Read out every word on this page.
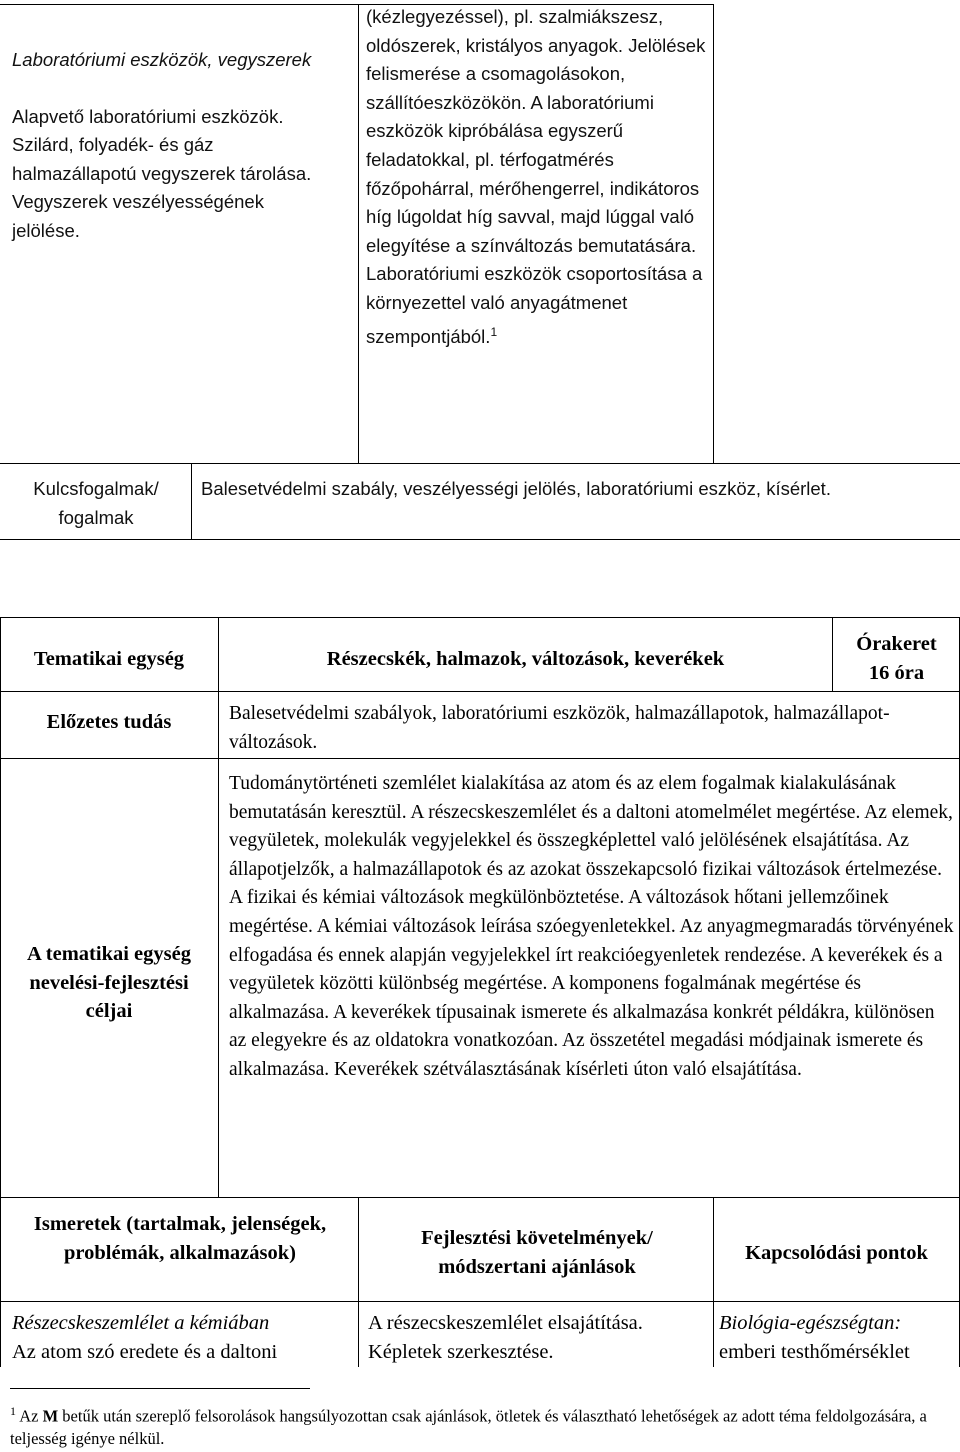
Laboratóriumi eszközök, vegyszerek
Alapvető laboratóriumi eszközök.
Szilárd, folyadék- és gáz halmazállapotú vegyszerek tárolása. Vegyszerek veszélyességének jelölése.
(kézlegyezéssel), pl. szalmiákszesz, oldószerek, kristályos anyagok. Jelölések felismerése a csomagolásokon, szállítóeszközökön. A laboratóriumi eszközök kipróbálása egyszerű feladatokkal, pl. térfogatmérés főzőpohárral, mérőhengerrel, indikátoros híg lúgoldat híg savval, majd lúggal való elegyítése a színváltozás bemutatására. Laboratóriumi eszközök csoportosítása a környezettel való anyagátmenet szempontjából.$^1$
Kulcsfogalmak/ fogalmak
Balesetvédelmi szabály, veszélyességi jelölés, laboratóriumi eszköz, kísérlet.
Tematikai egység	Részecskék, halmazok, változások, keverékek
Órakeret
16 óra
Előzetes tudás	Balesetvédelmi szabályok, laboratóriumi eszközök, halmazállapotok, halmazállapot-változások.
A tematikai egység nevelési-fejlesztési céljai
Tudománytörténeti szemlélet kialakítása az atom és az elem fogalmak kialakulásának bemutatásán keresztül. A részecskeszemlélet és a daltoni atomelmélet megértése. Az elemek, vegyületek, molekulák vegyjelekkel és összegképlettel való jelölésének elsajátítása. Az állapotjelzők, a halmazállapotok és az azokat összekapcsoló fizikai változások értelmezése. A fizikai és kémiai változások megkülönböztetése. A változások hőtani jellemzőinek megértése. A kémiai változások leírása szóegyenletekkel. Az anyagmegmaradás törvényének elfogadása és ennek alapján vegyjelekkel írt reakcióegyenletek rendezése. A keverékek és a vegyületek közötti különbség megértése. A komponens fogalmának megértése és alkalmazása. A keverékek típusainak ismerete és alkalmazása konkrét példákra, különösen az elegyekre és az oldatokra vonatkozóan. Az összetétel megadási módjainak ismerete és alkalmazása. Keverékek szétválasztásának kísérleti úton való elsajátítása.
Ismeretek (tartalmak, jelenségek, problémák, alkalmazások)
Fejlesztési követelmények/ módszertani ajánlások
Kapcsolódási pontok
Részecskeszemlélet a kémiában
Az atom szó eredete és a daltoni
A részecskeszemlélet elsajátítása. Képletek szerkesztése.
Biológia-egészségtan:
emberi testhőmérséklet
$^1$ Az M betűk után szereplő felsorolások hangsúlyozottan csak ajánlások, ötletek és választható lehetőségek az adott téma feldolgozására, a teljesség igénye nélkül.
